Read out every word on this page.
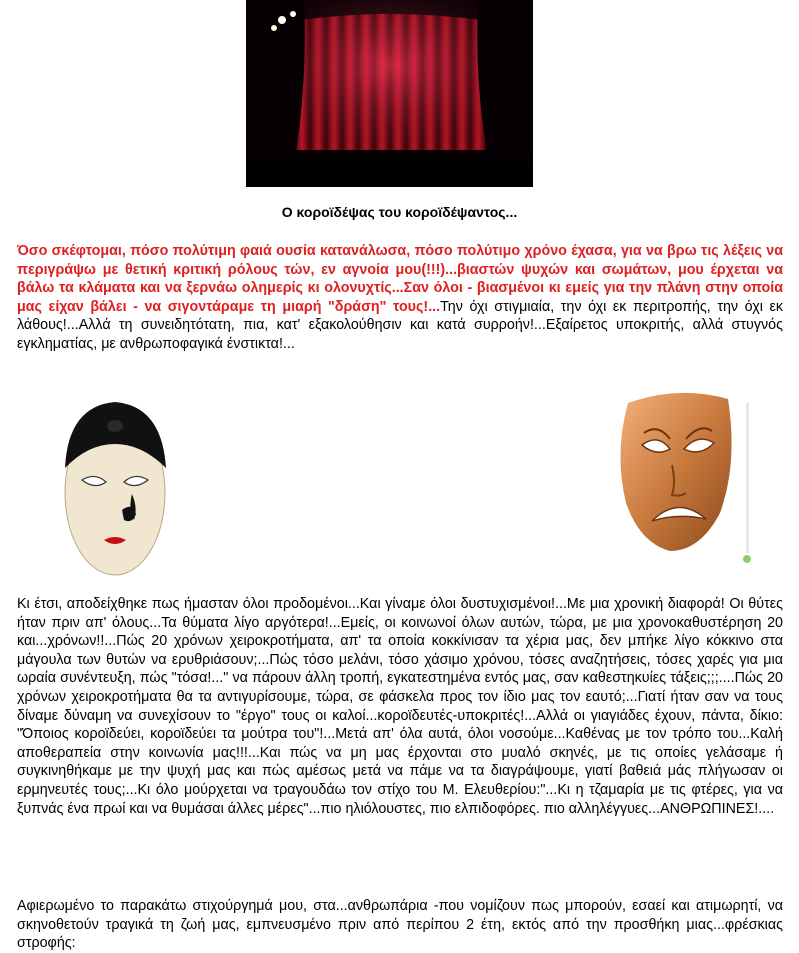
Ο κοροϊδέψας του κοροϊδέψαντος...

Όσο σκέφτομαι, πόσο πολύτιμη φαιά ουσία κατανάλωσα, πόσο πολύτιμο χρόνο έχασα, για να βρω τις λέξεις να περιγράψω με θετική κριτική ρόλους τών, εν αγνοία μου(!!!)...βιαστών ψυχών και σωμάτων, μου έρχεται να βάλω τα κλάματα και να ξερνάω ολημερίς κι ολονυχτίς...Σαν όλοι - βιασμένοι κι εμείς για την πλάνη στην οποία μας είχαν βάλει - να σιγοντάραμε τη μιαρή "δράση" τους!...Την όχι στιγμιαία, την όχι εκ περιτροπής, την όχι εκ λάθους!...Αλλά τη συνειδητότατη, πια, κατ' εξακολούθησιν και κατά συρροήν!...Εξαίρετος υποκριτής, αλλά στυγνός εγκληματίας, με ανθρωποφαγικά ένστικτα!...

Κι έτσι, αποδείχθηκε πως ήμασταν όλοι προδομένοι...Και γίναμε όλοι δυστυχισμένοι!...Με μια χρονική διαφορά! Οι θύτες ήταν πριν απ' όλους...Τα θύματα λίγο αργότερα!...Εμείς, οι κοινωνοί όλων αυτών, τώρα, με μια χρονοκαθυστέρηση 20 και...χρόνων!!...Πώς 20 χρόνων χειροκροτήματα, απ' τα οποία κοκκίνισαν τα χέρια μας, δεν μπήκε λίγο κόκκινο στα μάγουλα των θυτών να ερυθριάσουν;...Πώς τόσο μελάνι, τόσο χάσιμο χρόνου, τόσες αναζητήσεις, τόσες χαρές για μια ωραία συνέντευξη, πώς "τόσα!..." να πάρουν άλλη τροπή, εγκατεστημένα εντός μας, σαν καθεστηκυίες τάξεις;;;....Πώς 20 χρόνων χειροκροτήματα θα τα αντιγυρίσουμε, τώρα, σε φάσκελα προς τον ίδιο μας τον εαυτό;...Γιατί ήταν σαν να τους δίναμε δύναμη να συνεχίσουν το "έργο" τους οι καλοί...κοροϊδευτές-υποκριτές!...Αλλά οι γιαγιάδες έχουν, πάντα, δίκιο: "Όποιος κοροϊδεύει, κοροϊδεύει τα μούτρα του"!...Μετά απ' όλα αυτά, όλοι νοσούμε...Καθένας με τον τρόπο του...Καλή αποθεραπεία στην κοινωνία μας!!!...Και πώς να μη μας έρχονται στο μυαλό σκηνές, με τις οποίες γελάσαμε ή συγκινηθήκαμε με την ψυχή μας και πώς αμέσως μετά να πάμε να τα διαγράψουμε, γιατί βαθειά μάς πλήγωσαν οι ερμηνευτές τους;...Κι όλο μούρχεται να τραγουδάω τον στίχο του Μ. Ελευθερίου:"...Κι η τζαμαρία με τις φτέρες, για να ξυπνάς ένα πρωί και να θυμάσαι άλλες μέρες"...πιο ηλιόλουστες, πιο ελπιδοφόρες. πιο αλληλέγγυες...ΑΝΘΡΩΠΙΝΕΣ!....

Αφιερωμένο το παρακάτω στιχούργημά μου, στα...ανθρωπάρια -που νομίζουν πως μπορούν, εσαεί και ατιμωρητί, να σκηνοθετούν τραγικά τη ζωή μας, εμπνευσμένο πριν από περίπου 2 έτη, εκτός από την προσθήκη μιας...φρέσκιας στροφής:
